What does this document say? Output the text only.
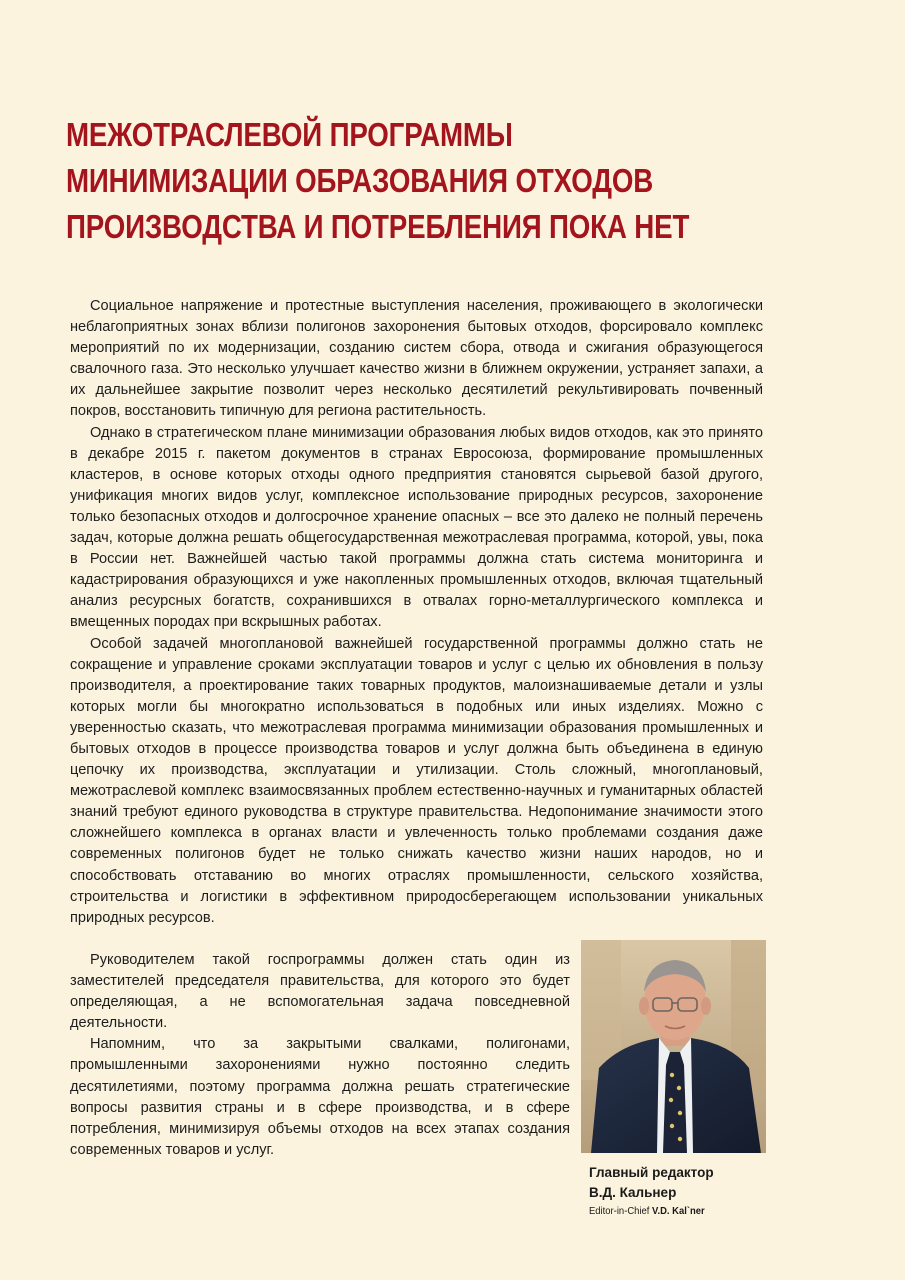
МЕЖОТРАСЛЕВОЙ ПРОГРАММЫ
МИНИМИЗАЦИИ ОБРАЗОВАНИЯ ОТХОДОВ
ПРОИЗВОДСТВА И ПОТРЕБЛЕНИЯ ПОКА НЕТ

Социальное напряжение и протестные выступления населения, проживающего в экологически неблагоприятных зонах вблизи полигонов захоронения бытовых отходов, форсировало комплекс мероприятий по их модернизации, созданию систем сбора, отвода и сжигания образующегося свалочного газа. Это несколько улучшает качество жизни в ближнем окружении, устраняет запахи, а их дальнейшее закрытие позволит через несколько десятилетий рекультивировать почвенный покров, восстановить типичную для региона растительность.

Однако в стратегическом плане минимизации образования любых видов отходов, как это принято в декабре 2015 г. пакетом документов в странах Евросоюза, формирование промышленных кластеров, в основе которых отходы одного предприятия становятся сырьевой базой другого, унификация многих видов услуг, комплексное использование природных ресурсов, захоронение только безопасных отходов и долгосрочное хранение опасных – все это далеко не полный перечень задач, которые должна решать общегосударственная межотраслевая программа, которой, увы, пока в России нет. Важнейшей частью такой программы должна стать система мониторинга и кадастрирования образующихся и уже накопленных промышленных отходов, включая тщательный анализ ресурсных богатств, сохранившихся в отвалах горно-металлургического комплекса и вмещенных породах при вскрышных работах.

Особой задачей многоплановой важнейшей государственной программы должно стать не сокращение и управление сроками эксплуатации товаров и услуг с целью их обновления в пользу производителя, а проектирование таких товарных продуктов, малоизнашиваемые детали и узлы которых могли бы многократно использоваться в подобных или иных изделиях. Можно с уверенностью сказать, что межотраслевая программа минимизации образования промышленных и бытовых отходов в процессе производства товаров и услуг должна быть объединена в единую цепочку их производства, эксплуатации и утилизации. Столь сложный, многоплановый, межотраслевой комплекс взаимосвязанных проблем естественно-научных и гуманитарных областей знаний требуют единого руководства в структуре правительства. Недопонимание значимости этого сложнейшего комплекса в органах власти и увлеченность только проблемами создания даже современных полигонов будет не только снижать качество жизни наших народов, но и способствовать отставанию во многих отраслях промышленности, сельского хозяйства, строительства и логистики в эффективном природосберегающем использовании уникальных природных ресурсов.

Руководителем такой госпрограммы должен стать один из заместителей председателя правительства, для которого это будет определяющая, а не вспомогательная задача повседневной деятельности.

Напомним, что за закрытыми свалками, полигонами, промышленными захоронениями нужно постоянно следить десятилетиями, поэтому программа должна решать стратегические вопросы развития страны и в сфере производства, и в сфере потребления, минимизируя объемы отходов на всех этапах создания современных товаров и услуг.

Главный редактор
В.Д. Кальнер
Editor-in-Chief V.D. Kal`ner
